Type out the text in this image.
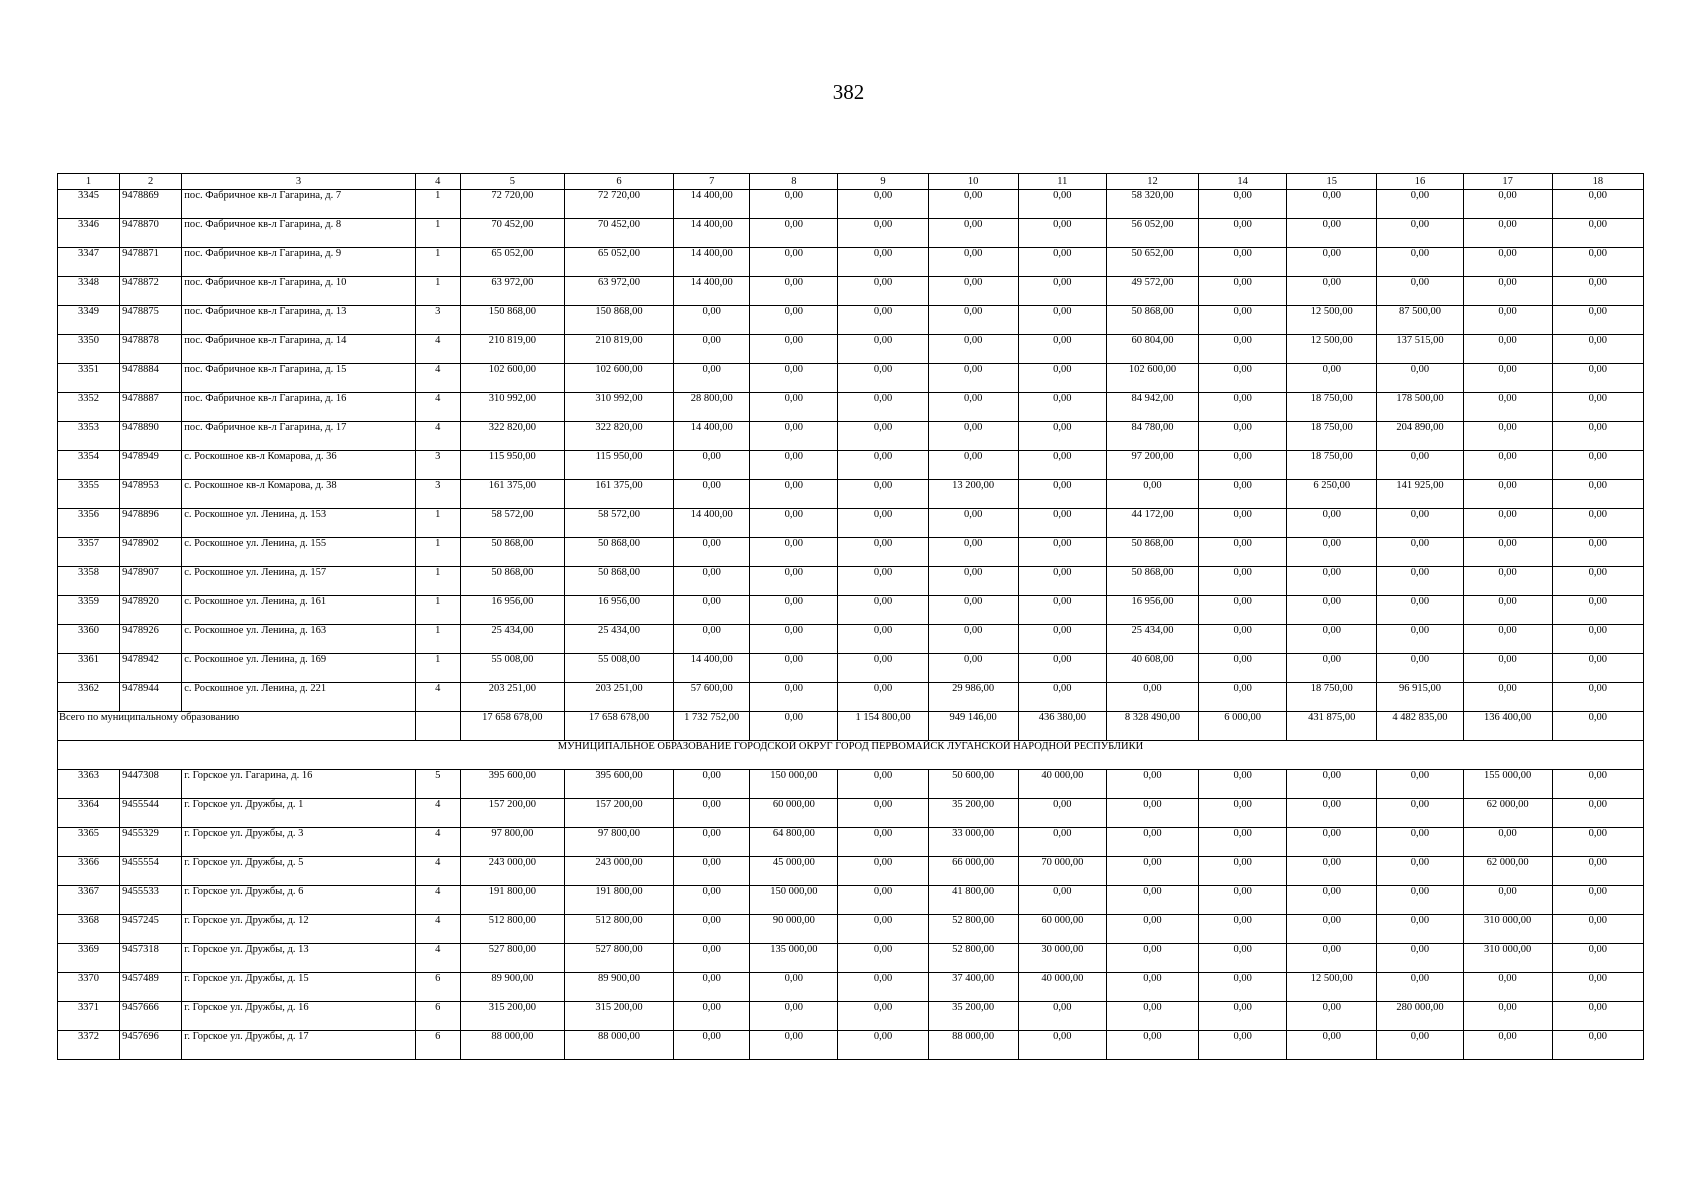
382
1	2	3	4	5	6	7	8	9	10	11	12	14	15	16	17	18
3345	9478869	пос. Фабричное кв-л Гагарина, д. 7	1	72 720,00	72 720,00	14 400,00	0,00	0,00	0,00	0,00	58 320,00	0,00	0,00	0,00	0,00	0,00
3346	9478870	пос. Фабричное кв-л Гагарина, д. 8	1	70 452,00	70 452,00	14 400,00	0,00	0,00	0,00	0,00	56 052,00	0,00	0,00	0,00	0,00	0,00
3347	9478871	пос. Фабричное кв-л Гагарина, д. 9	1	65 052,00	65 052,00	14 400,00	0,00	0,00	0,00	0,00	50 652,00	0,00	0,00	0,00	0,00	0,00
3348	9478872	пос. Фабричное кв-л Гагарина, д. 10	1	63 972,00	63 972,00	14 400,00	0,00	0,00	0,00	0,00	49 572,00	0,00	0,00	0,00	0,00	0,00
3349	9478875	пос. Фабричное кв-л Гагарина, д. 13	3	150 868,00	150 868,00	0,00	0,00	0,00	0,00	0,00	50 868,00	0,00	12 500,00	87 500,00	0,00	0,00
3350	9478878	пос. Фабричное кв-л Гагарина, д. 14	4	210 819,00	210 819,00	0,00	0,00	0,00	0,00	0,00	60 804,00	0,00	12 500,00	137 515,00	0,00	0,00
3351	9478884	пос. Фабричное кв-л Гагарина, д. 15	4	102 600,00	102 600,00	0,00	0,00	0,00	0,00	0,00	102 600,00	0,00	0,00	0,00	0,00	0,00
3352	9478887	пос. Фабричное кв-л Гагарина, д. 16	4	310 992,00	310 992,00	28 800,00	0,00	0,00	0,00	0,00	84 942,00	0,00	18 750,00	178 500,00	0,00	0,00
3353	9478890	пос. Фабричное кв-л Гагарина, д. 17	4	322 820,00	322 820,00	14 400,00	0,00	0,00	0,00	0,00	84 780,00	0,00	18 750,00	204 890,00	0,00	0,00
3354	9478949	с. Роскошное кв-л Комарова, д. 36	3	115 950,00	115 950,00	0,00	0,00	0,00	0,00	0,00	97 200,00	0,00	18 750,00	0,00	0,00	0,00
3355	9478953	с. Роскошное кв-л Комарова, д. 38	3	161 375,00	161 375,00	0,00	0,00	0,00	13 200,00	0,00	0,00	0,00	6 250,00	141 925,00	0,00	0,00
3356	9478896	с. Роскошное ул. Ленина, д. 153	1	58 572,00	58 572,00	14 400,00	0,00	0,00	0,00	0,00	44 172,00	0,00	0,00	0,00	0,00	0,00
3357	9478902	с. Роскошное ул. Ленина, д. 155	1	50 868,00	50 868,00	0,00	0,00	0,00	0,00	0,00	50 868,00	0,00	0,00	0,00	0,00	0,00
3358	9478907	с. Роскошное ул. Ленина, д. 157	1	50 868,00	50 868,00	0,00	0,00	0,00	0,00	0,00	50 868,00	0,00	0,00	0,00	0,00	0,00
3359	9478920	с. Роскошное ул. Ленина, д. 161	1	16 956,00	16 956,00	0,00	0,00	0,00	0,00	0,00	16 956,00	0,00	0,00	0,00	0,00	0,00
3360	9478926	с. Роскошное ул. Ленина, д. 163	1	25 434,00	25 434,00	0,00	0,00	0,00	0,00	0,00	25 434,00	0,00	0,00	0,00	0,00	0,00
3361	9478942	с. Роскошное ул. Ленина, д. 169	1	55 008,00	55 008,00	14 400,00	0,00	0,00	0,00	0,00	40 608,00	0,00	0,00	0,00	0,00	0,00
3362	9478944	с. Роскошное ул. Ленина, д. 221	4	203 251,00	203 251,00	57 600,00	0,00	0,00	29 986,00	0,00	0,00	0,00	18 750,00	96 915,00	0,00	0,00
Всего по муниципальному образованию				17 658 678,00	17 658 678,00	1 732 752,00	0,00	1 154 800,00	949 146,00	436 380,00	8 328 490,00	6 000,00	431 875,00	4 482 835,00	136 400,00	0,00
МУНИЦИПАЛЬНОЕ ОБРАЗОВАНИЕ ГОРОДСКОЙ ОКРУГ ГОРОД ПЕРВОМАЙСК ЛУГАНСКОЙ НАРОДНОЙ РЕСПУБЛИКИ																
3363	9447308	г. Горское ул. Гагарина, д. 16	5	395 600,00	395 600,00	0,00	150 000,00	0,00	50 600,00	40 000,00	0,00	0,00	0,00	0,00	155 000,00	0,00
3364	9455544	г. Горское ул. Дружбы, д. 1	4	157 200,00	157 200,00	0,00	60 000,00	0,00	35 200,00	0,00	0,00	0,00	0,00	0,00	62 000,00	0,00
3365	9455329	г. Горское ул. Дружбы, д. 3	4	97 800,00	97 800,00	0,00	64 800,00	0,00	33 000,00	0,00	0,00	0,00	0,00	0,00	0,00	0,00
3366	9455554	г. Горское ул. Дружбы, д. 5	4	243 000,00	243 000,00	0,00	45 000,00	0,00	66 000,00	70 000,00	0,00	0,00	0,00	0,00	62 000,00	0,00
3367	9455533	г. Горское ул. Дружбы, д. 6	4	191 800,00	191 800,00	0,00	150 000,00	0,00	41 800,00	0,00	0,00	0,00	0,00	0,00	0,00	0,00
3368	9457245	г. Горское ул. Дружбы, д. 12	4	512 800,00	512 800,00	0,00	90 000,00	0,00	52 800,00	60 000,00	0,00	0,00	0,00	0,00	310 000,00	0,00
3369	9457318	г. Горское ул. Дружбы, д. 13	4	527 800,00	527 800,00	0,00	135 000,00	0,00	52 800,00	30 000,00	0,00	0,00	0,00	0,00	310 000,00	0,00
3370	9457489	г. Горское ул. Дружбы, д. 15	6	89 900,00	89 900,00	0,00	0,00	0,00	37 400,00	40 000,00	0,00	0,00	12 500,00	0,00	0,00	0,00
3371	9457666	г. Горское ул. Дружбы, д. 16	6	315 200,00	315 200,00	0,00	0,00	0,00	35 200,00	0,00	0,00	0,00	0,00	280 000,00	0,00	0,00
3372	9457696	г. Горское ул. Дружбы, д. 17	6	88 000,00	88 000,00	0,00	0,00	0,00	88 000,00	0,00	0,00	0,00	0,00	0,00	0,00	0,00
